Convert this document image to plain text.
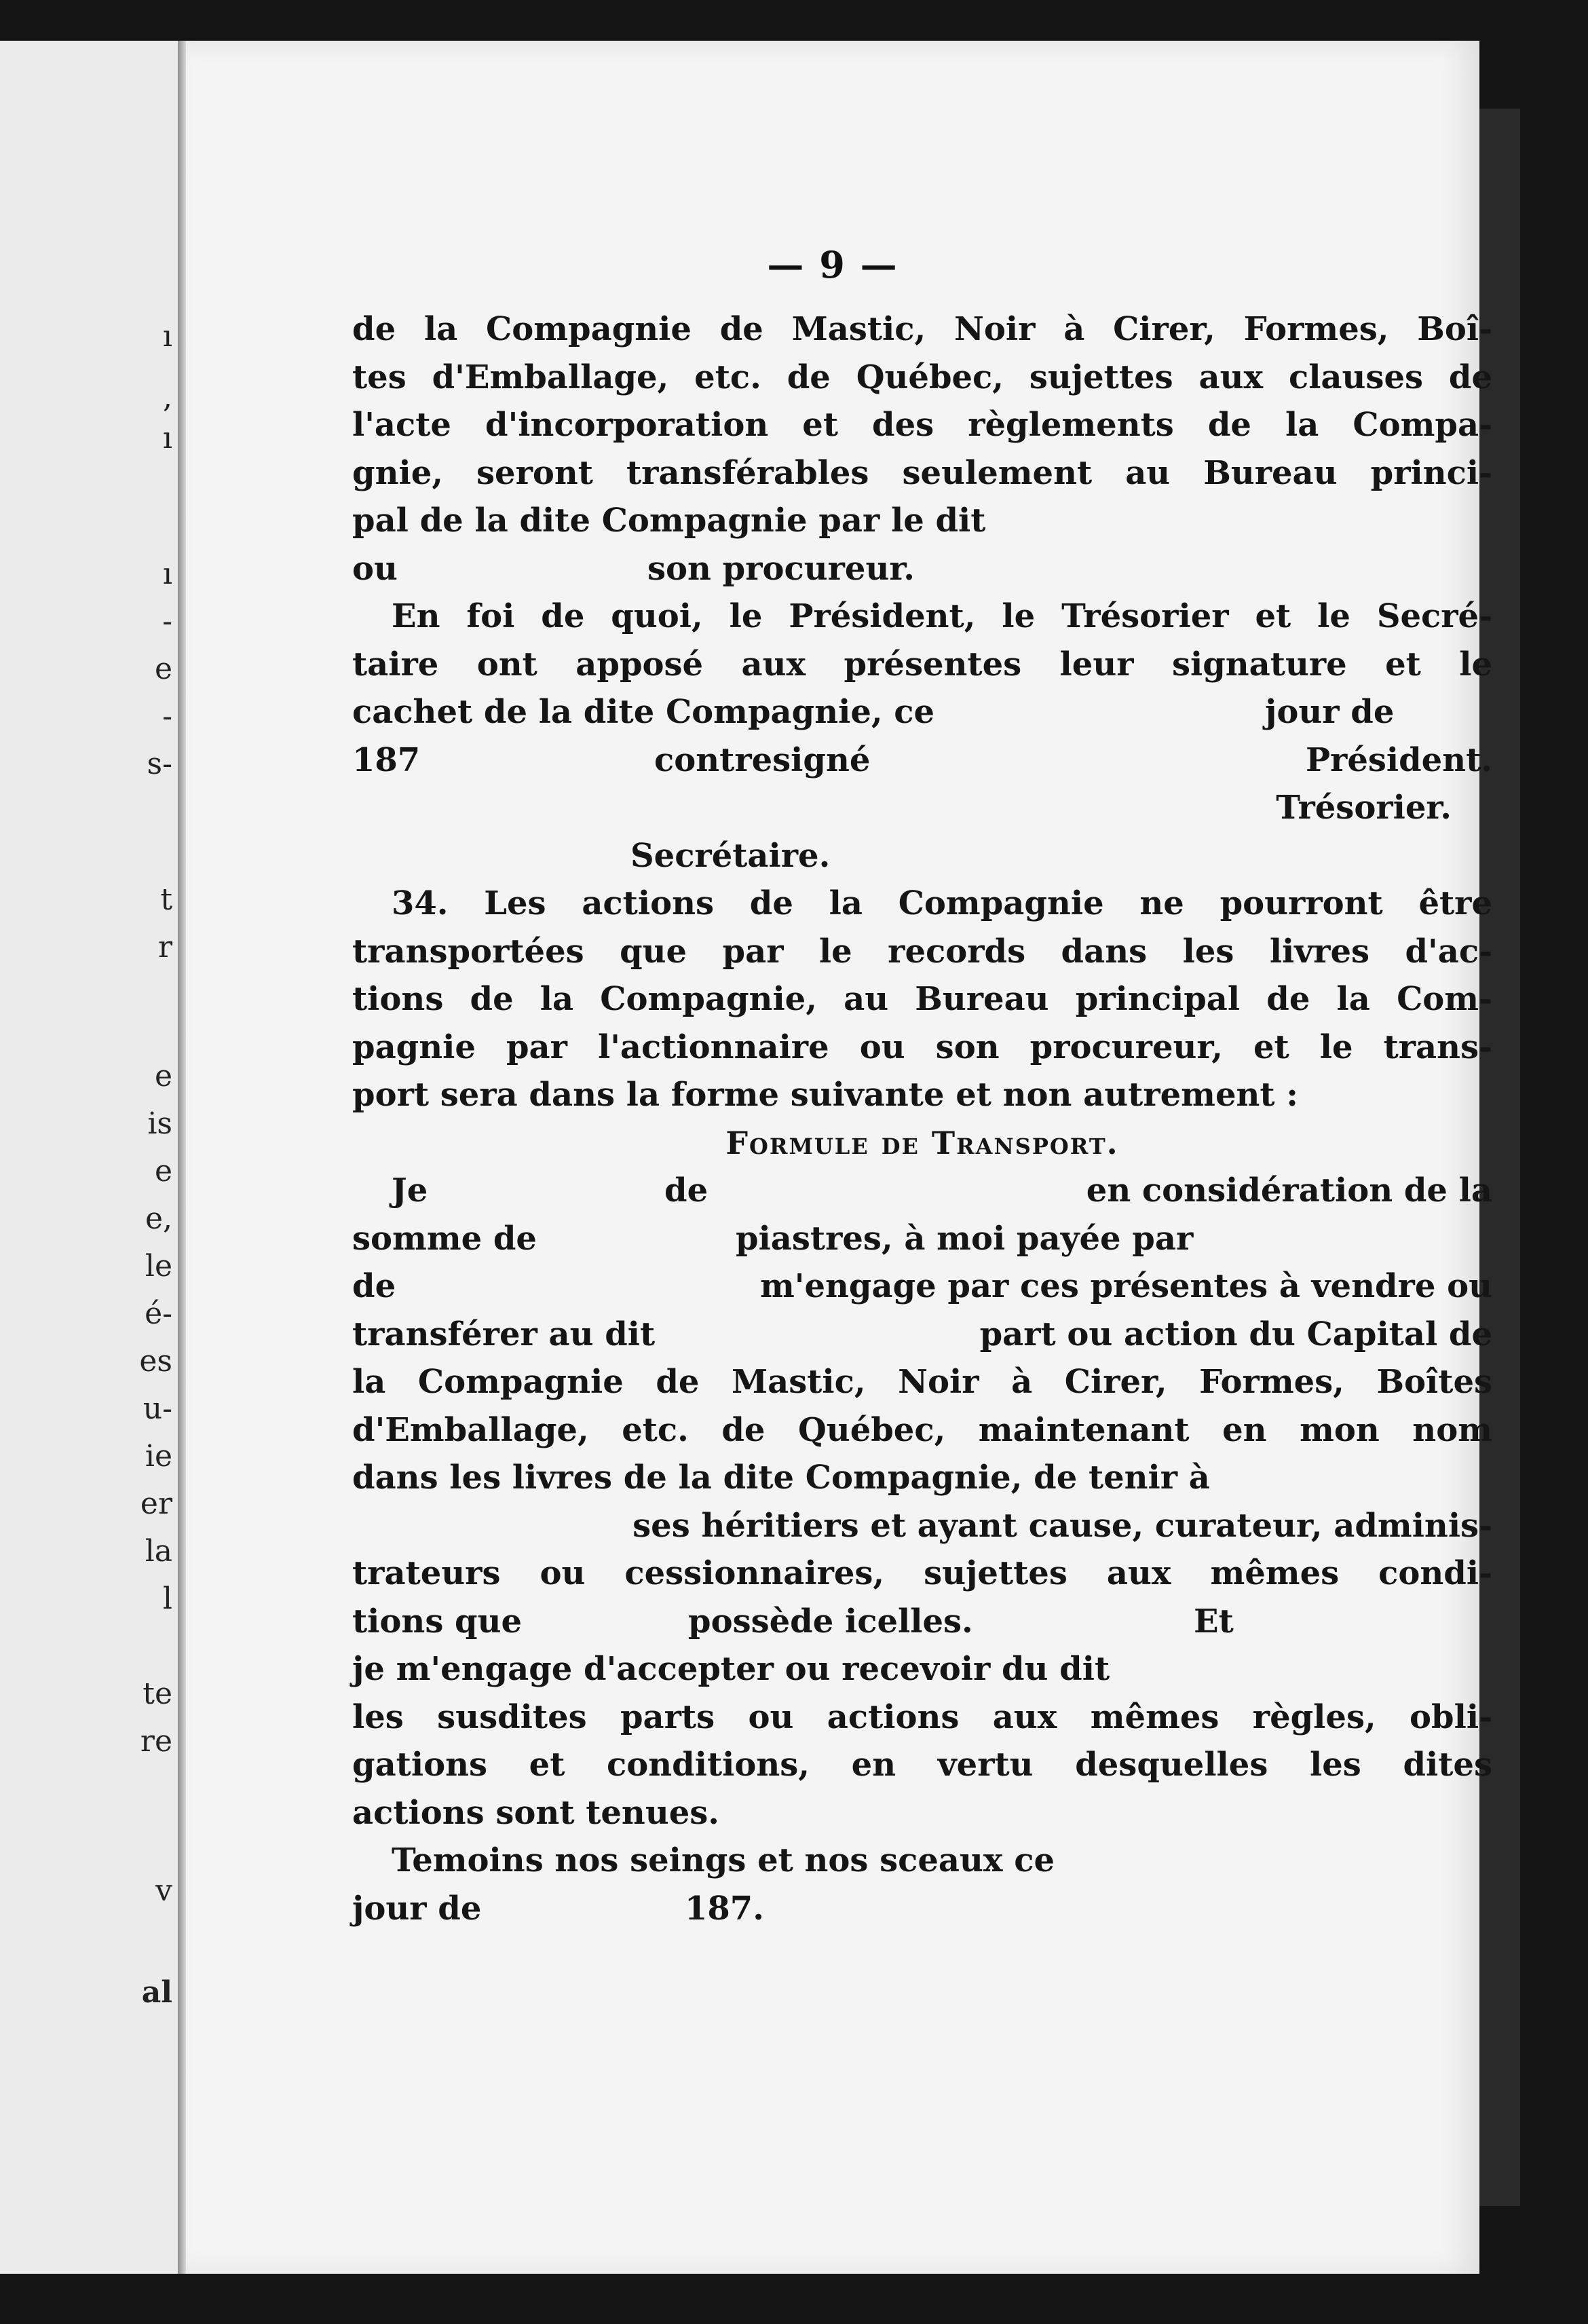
ı
,
ı
ı
-
e
-
s-
t
r
e
is
e
e,
le
é-
es
u-
ie
er
la
l
te
re
v
al
— 9 —
de la Compagnie de Mastic, Noir à Cirer, Formes, Boî-
tes d'Emballage, etc. de Québec, sujettes aux clauses de
l'acte d'incorporation et des règlements de la Compa-
gnie, seront transférables seulement au Bureau princi-
pal de la dite Compagnie par le dit
ou	son procureur.
En foi de quoi, le Président, le Trésorier et le Secré-
taire ont apposé aux présentes leur signature et le
cachet de la dite Compagnie, ce	jour de
187	contresigné	Président.
Trésorier.
Secrétaire.
34. Les actions de la Compagnie ne pourront être
transportées que par le records dans les livres d'ac-
tions de la Compagnie, au Bureau principal de la Com-
pagnie par l'actionnaire ou son procureur, et le trans-
port sera dans la forme suivante et non autrement :
Formule de Transport.
Je	de	en considération de la
somme de	piastres, à moi payée par
de	m'engage par ces présentes à vendre ou
transférer au dit	part ou action du Capital de
la Compagnie de Mastic, Noir à Cirer, Formes, Boîtes
d'Emballage, etc. de Québec, maintenant en mon nom
dans les livres de la dite Compagnie, de tenir à
ses héritiers et ayant cause, curateur, adminis-
trateurs ou cessionnaires, sujettes aux mêmes condi-
tions que	possède icelles.	Et
je m'engage d'accepter ou recevoir du dit
les susdites parts ou actions aux mêmes règles, obli-
gations et conditions, en vertu desquelles les dites
actions sont tenues.
Temoins nos seings et nos sceaux ce
jour de	187.
